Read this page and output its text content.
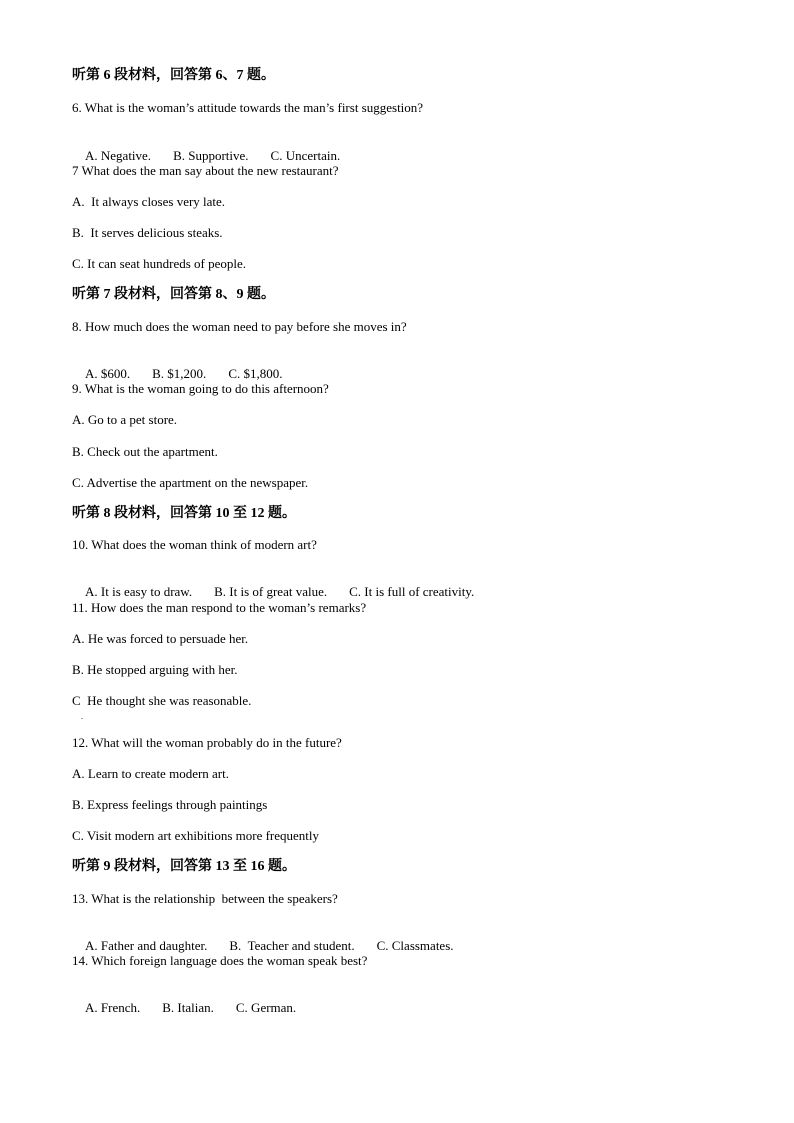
听第 6 段材料，回答第 6、7 题。
6. What is the woman’s attitude towards the man’s first suggestion?

A. Negative. B. Supportive. C. Uncertain.

7 What does the man say about the new restaurant?
A.  It always closes very late.
B.  It serves delicious steaks.
C. It can seat hundreds of people.
听第 7 段材料，回答第 8、9 题。
8. How much does the woman need to pay before she moves in?

A. $600. B. $1,200. C. $1,800.

9. What is the woman going to do this afternoon?
A. Go to a pet store.
B. Check out the apartment.
C. Advertise the apartment on the newspaper.
听第 8 段材料，回答第 10 至 12 题。
10. What does the woman think of modern art?

A. It is easy to draw. B. It is of great value. C. It is full of creativity.

11. How does the man respond to the woman’s remarks?
A. He was forced to persuade her.
B. He stopped arguing with her.
C  He thought she was reasonable.
.
12. What will the woman probably do in the future?
A. Learn to create modern art.
B. Express feelings through paintings
C. Visit modern art exhibitions more frequently
听第 9 段材料，回答第 13 至 16 题。
13. What is the relationship  between the speakers?

A. Father and daughter. B.  Teacher and student. C. Classmates.

14. Which foreign language does the woman speak best?

A. French. B. Italian. C. German.
